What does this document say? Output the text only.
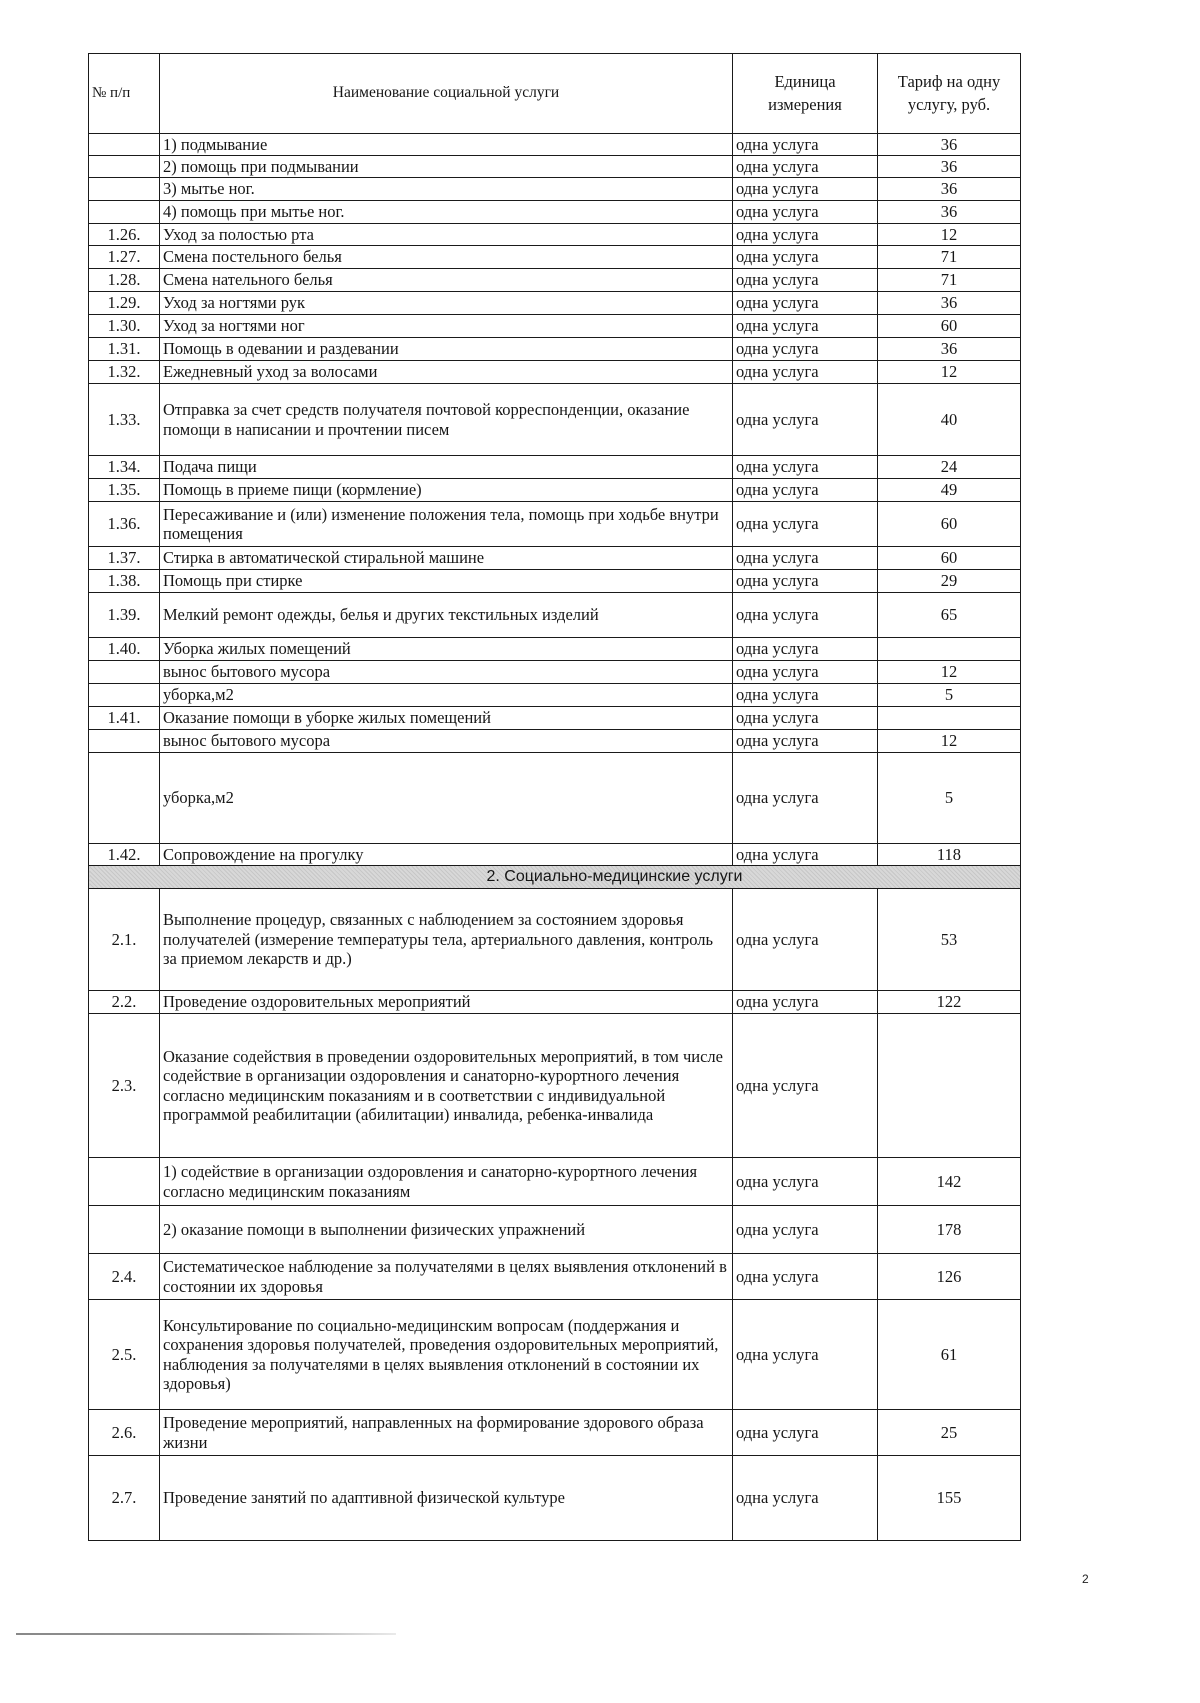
№ п/п	Наименование социальной услуги	Единица измерения	Тариф на одну услугу, руб.
	1) подмывание	одна услуга	36
	2) помощь при подмывании	одна услуга	36
	3) мытье ног.	одна услуга	36
	4) помощь при мытье ног.	одна услуга	36
1.26.	Уход за полостью рта	одна услуга	12
1.27.	Смена постельного белья	одна услуга	71
1.28.	Смена нательного белья	одна услуга	71
1.29.	Уход за ногтями рук	одна услуга	36
1.30.	Уход за ногтями ног	одна услуга	60
1.31.	Помощь в одевании и раздевании	одна услуга	36
1.32.	Ежедневный уход за волосами	одна услуга	12
1.33.	Отправка за счет средств получателя почтовой корреспонденции, оказание помощи в написании и прочтении писем	одна услуга	40
1.34.	Подача пищи	одна услуга	24
1.35.	Помощь в приеме пищи (кормление)	одна услуга	49
1.36.	Пересаживание и (или) изменение положения тела, помощь при ходьбе внутри помещения	одна услуга	60
1.37.	Стирка в автоматической стиральной машине	одна услуга	60
1.38.	Помощь при стирке	одна услуга	29
1.39.	Мелкий ремонт одежды, белья и других текстильных изделий	одна услуга	65
1.40.	Уборка жилых помещений	одна услуга	
	вынос бытового мусора	одна услуга	12
	уборка,м2	одна услуга	5
1.41.	Оказание помощи в уборке жилых помещений	одна услуга	
	вынос бытового мусора	одна услуга	12
	уборка,м2	одна услуга	5
1.42.	Сопровождение на прогулку	одна услуга	118
2. Социально-медицинские услуги			
2.1.	Выполнение процедур, связанных с наблюдением за состоянием здоровья получателей (измерение температуры тела, артериального давления, контроль за приемом лекарств и др.)	одна услуга	53
2.2.	Проведение оздоровительных мероприятий	одна услуга	122
2.3.	Оказание содействия в проведении оздоровительных мероприятий, в том числе содействие в организации оздоровления и санаторно-курортного лечения согласно медицинским показаниям и в соответствии с индивидуальной программой реабилитации (абилитации) инвалида, ребенка-инвалида	одна услуга	
	1) содействие в организации оздоровления и санаторно-курортного лечения согласно медицинским показаниям	одна услуга	142
	2) оказание помощи в выполнении физических упражнений	одна услуга	178
2.4.	Систематическое наблюдение за получателями в целях выявления отклонений в состоянии их здоровья	одна услуга	126
2.5.	Консультирование по социально-медицинским вопросам (поддержания и сохранения здоровья получателей, проведения оздоровительных мероприятий, наблюдения за получателями в целях выявления отклонений в состоянии их здоровья)	одна услуга	61
2.6.	Проведение мероприятий, направленных на формирование здорового образа жизни	одна услуга	25
2.7.	Проведение занятий по адаптивной физической культуре	одна услуга	155
2
